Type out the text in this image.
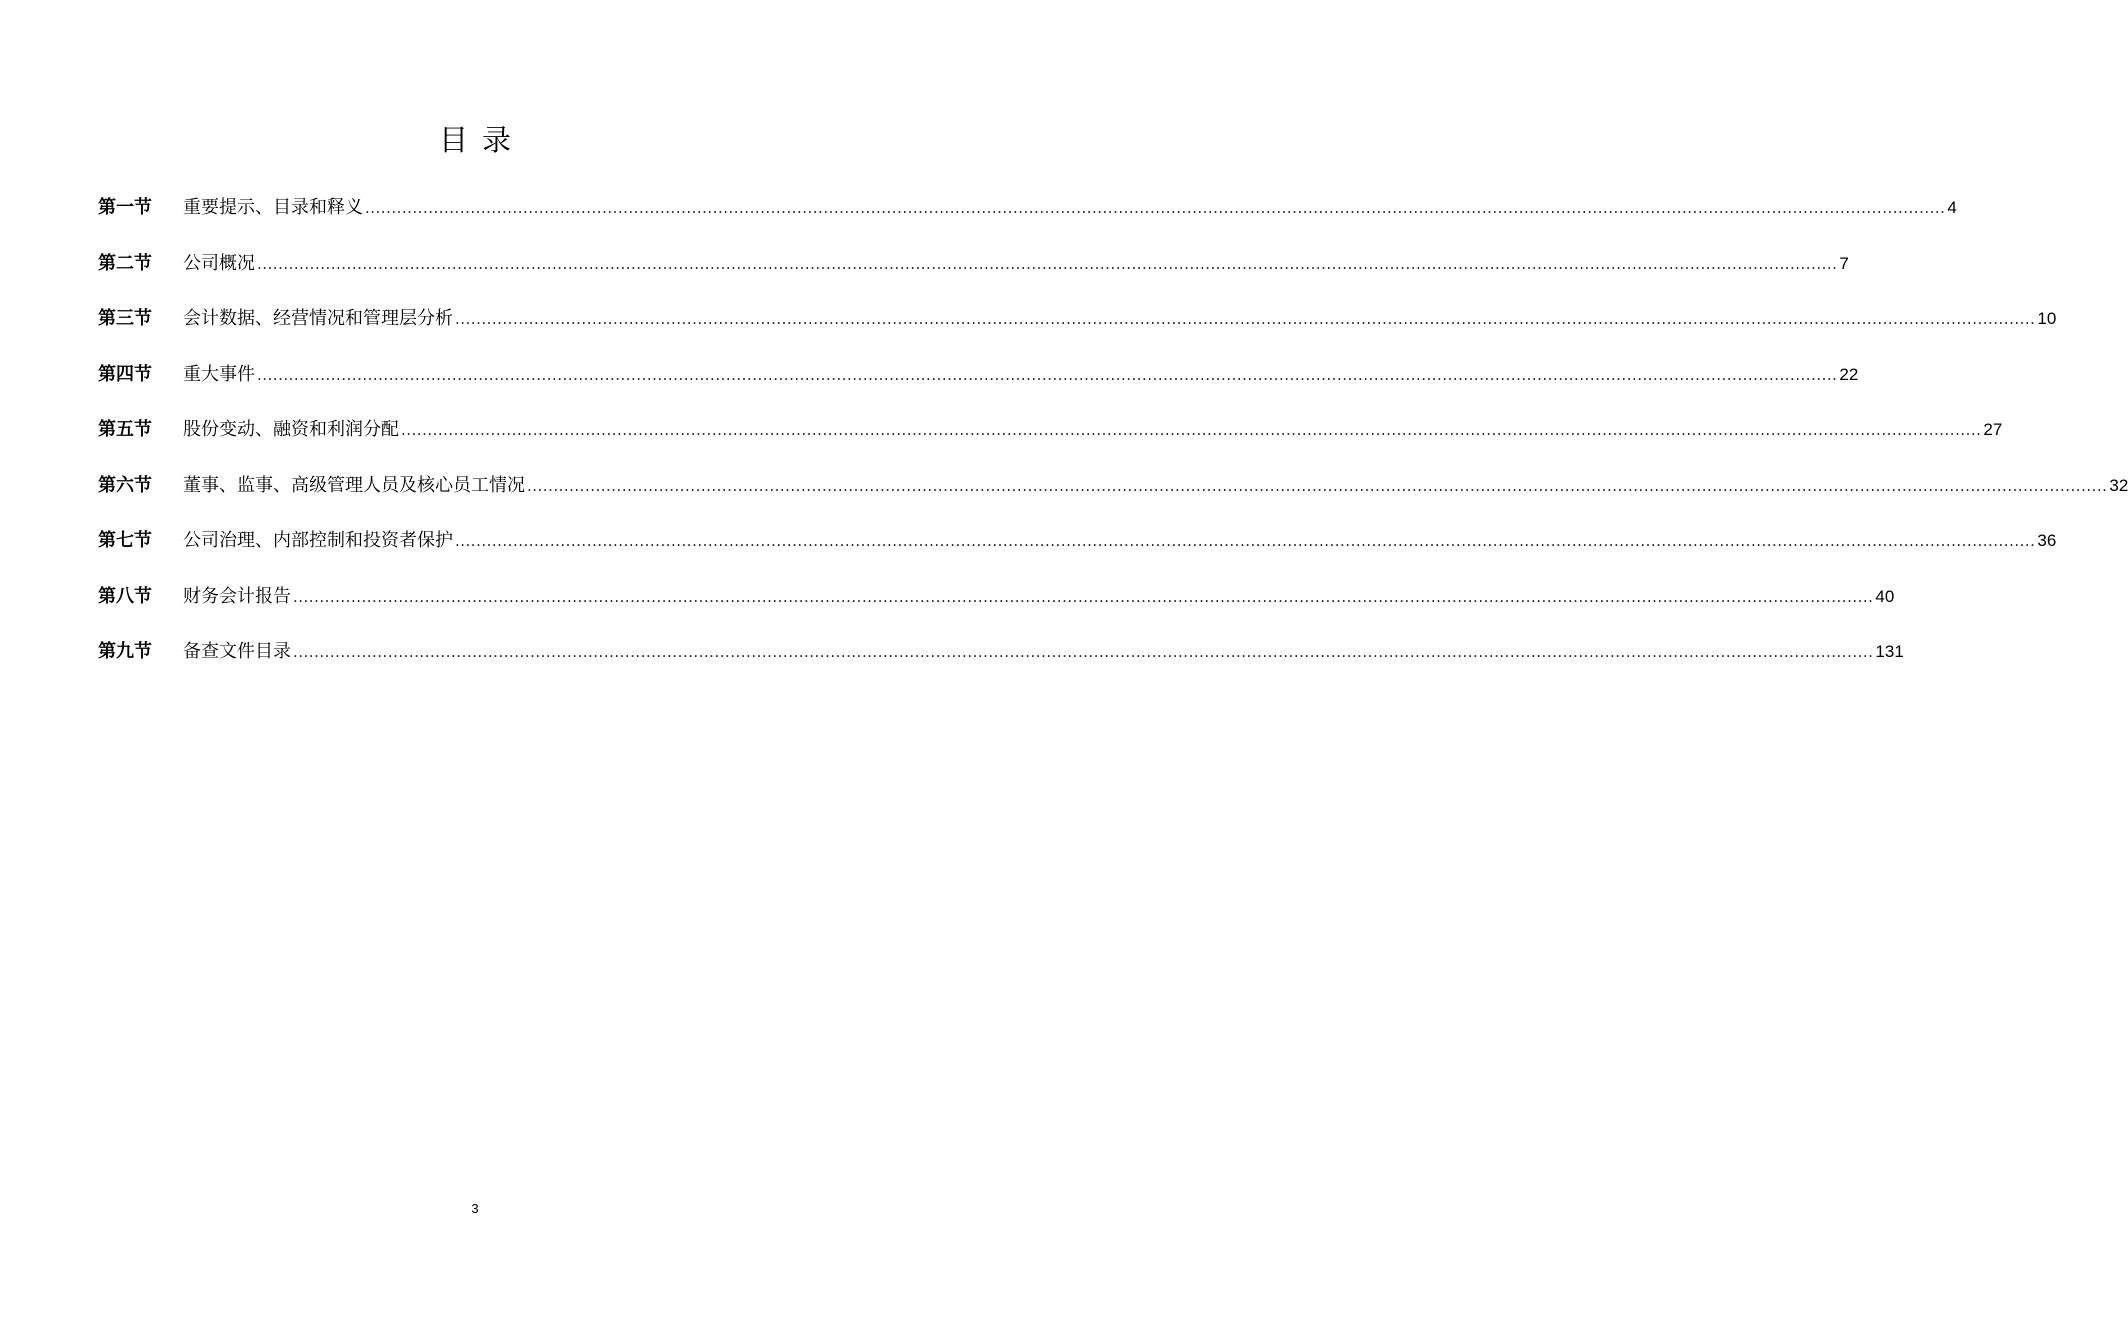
目录
第一节	重要提示、目录和释义 ............................................................................................................................................................................................................................................................................................................ 4
第二节	公司概况 ............................................................................................................................................................................................................................................................................................................ 7
第三节	会计数据、经营情况和管理层分析 ............................................................................................................................................................................................................................................................................................................ 10
第四节	重大事件 ............................................................................................................................................................................................................................................................................................................ 22
第五节	股份变动、融资和利润分配 ............................................................................................................................................................................................................................................................................................................ 27
第六节	董事、监事、高级管理人员及核心员工情况 ............................................................................................................................................................................................................................................................................................................ 32
第七节	公司治理、内部控制和投资者保护 ............................................................................................................................................................................................................................................................................................................ 36
第八节	财务会计报告 ............................................................................................................................................................................................................................................................................................................ 40
第九节	备查文件目录 ............................................................................................................................................................................................................................................................................................................ 131
3
